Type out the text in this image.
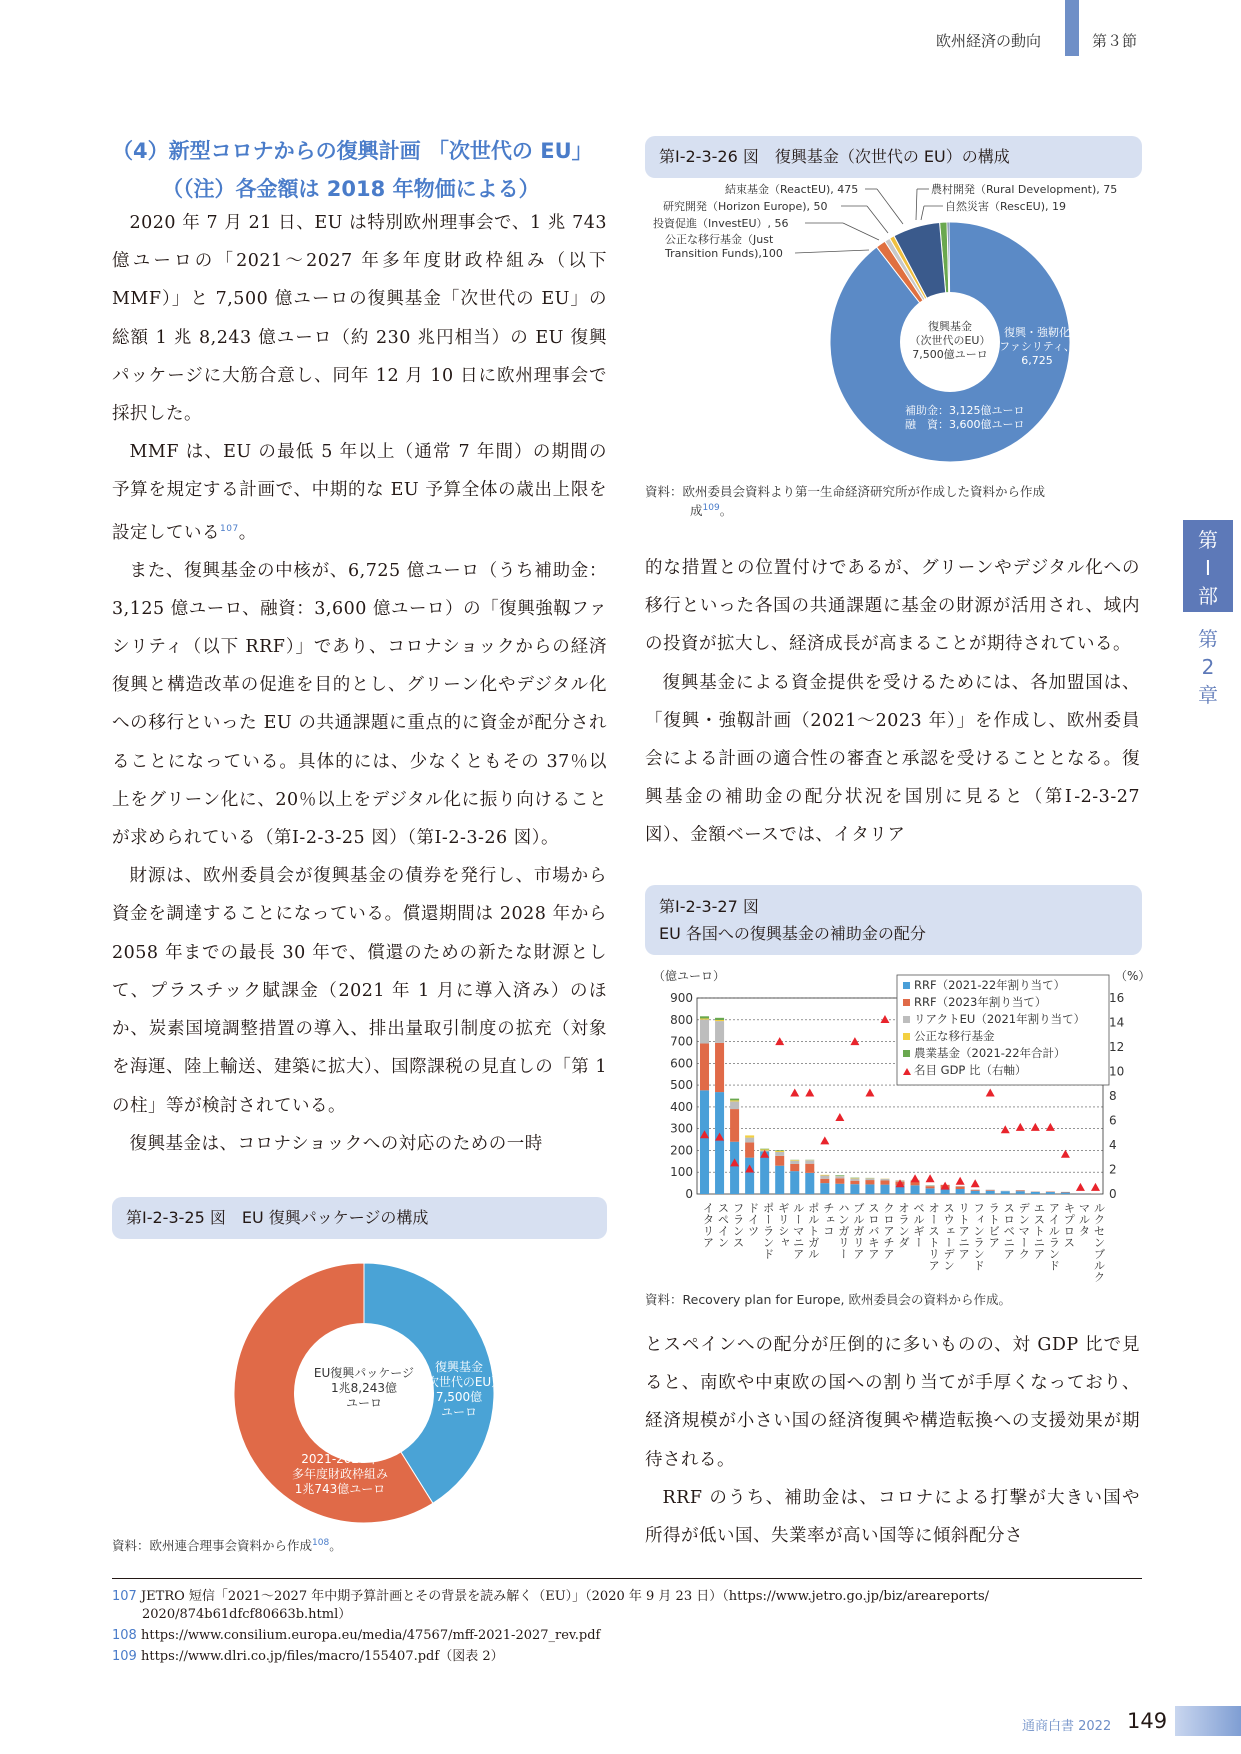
欧州経済の動向	第３節
第
Ⅰ
部
第
2
章
（4）新型コロナからの復興計画 「次世代の EU」
（（注）各金額は 2018 年物価による）

2020 年 7 月 21 日、EU は特別欧州理事会で、1 兆 743 億ユーロの「2021～2027 年多年度財政枠組み（以下 MMF）」と 7,500 億ユーロの復興基金「次世代の EU」の総額 1 兆 8,243 億ユーロ（約 230 兆円相当）の EU 復興パッケージに大筋合意し、同年 12 月 10 日に欧州理事会で採択した。

MMF は、EU の最低 5 年以上（通常 7 年間）の期間の予算を規定する計画で、中期的な EU 予算全体の歳出上限を設定している$^{107}$。

また、復興基金の中核が、6,725 億ユーロ（うち補助金：3,125 億ユーロ、融資：3,600 億ユーロ）の「復興強靱ファシリティ（以下 RRF）」であり、コロナショックからの経済復興と構造改革の促進を目的とし、グリーン化やデジタル化への移行といった EU の共通課題に重点的に資金が配分されることになっている。具体的には、少なくともその 37％以上をグリーン化に、20％以上をデジタル化に振り向けることが求められている（第Ⅰ-2-3-25 図）（第Ⅰ-2-3-26 図）。

財源は、欧州委員会が復興基金の債券を発行し、市場から資金を調達することになっている。償還期間は 2028 年から 2058 年までの最長 30 年で、償還のための新たな財源として、プラスチック賦課金（2021 年 1 月に導入済み）のほか、炭素国境調整措置の導入、排出量取引制度の拡充（対象を海運、陸上輸送、建築に拡大）、国際課税の見直しの「第 1 の柱」等が検討されている。

復興基金は、コロナショックへの対応のための一時

第Ⅰ-2-3-26 図　復興基金（次世代の EU）の構成
復興基金
（次世代のEU）
7,500億ユーロ
復興・強靭化
ファシリティ、
6,725
補助金：3,125億ユーロ
融　資：3,600億ユーロ
結束基金（ReactEU), 475
研究開発（Horizon Europe), 50
投資促進（InvestEU）, 56
公正な移行基金（Just
Transition Funds),100
農村開発（Rural Development), 75
自然災害（RescEU), 19
資料：欧州委員会資料より第一生命経済研究所が作成した資料から作成
成$^{109}$。

的な措置との位置付けであるが、グリーンやデジタル化への移行といった各国の共通課題に基金の財源が活用され、域内の投資が拡大し、経済成長が高まることが期待されている。

復興基金による資金提供を受けるためには、各加盟国は、「復興・強靱計画（2021～2023 年）」を作成し、欧州委員会による計画の適合性の審査と承認を受けることとなる。復興基金の補助金の配分状況を国別に見ると（第Ⅰ-2-3-27 図）、金額ベースでは、イタリア

第Ⅰ-2-3-27 図
EU 各国への復興基金の補助金の配分
（億ユーロ）	（%）
0
100
200
300
400
500
600
700
800
900
0
2
4
6
8
10
12
14
16
イタリア スペイン フランス ドイツ ポーランド ギリシャ ルーマニア ポルトガル チェコ ハンガリー ブルガリア スロバキア クロアチア オランダ ベルギー オーストリア スウェーデン リトアニア フィンランド ラトビア スロベニア デンマーク エストニア アイルランド キプロス マルタ ルクセンブルク
RRF（2021-22年割り当て）
RRF（2023年割り当て）
リアクトEU（2021年割り当て）
公正な移行基金
農業基金（2021-22年合計）
名目 GDP 比（右軸）
資料：Recovery plan for Europe, 欧州委員会の資料から作成。

とスペインへの配分が圧倒的に多いものの、対 GDP 比で見ると、南欧や中東欧の国への割り当てが手厚くなっており、経済規模が小さい国の経済復興や構造転換への支援効果が期待される。

RRF のうち、補助金は、コロナによる打撃が大きい国や所得が低い国、失業率が高い国等に傾斜配分さ

第Ⅰ-2-3-25 図　EU 復興パッケージの構成
EU復興パッケージ
1兆8,243億
ユーロ
復興基金
（次世代のEU）
7,500億
ユーロ
2021-2027年
多年度財政枠組み
1兆743億ユーロ
資料：欧州連合理事会資料から作成$^{108}$。
107 JETRO 短信「2021～2027 年中期予算計画とその背景を読み解く（EU）」（2020 年 9 月 23 日）（https://www.jetro.go.jp/biz/areareports/
2020/874b61dfcf80663b.html）
108 https://www.consilium.europa.eu/media/47567/mff-2021-2027_rev.pdf
109 https://www.dlri.co.jp/files/macro/155407.pdf（図表 2）
通商白書 2022 149
